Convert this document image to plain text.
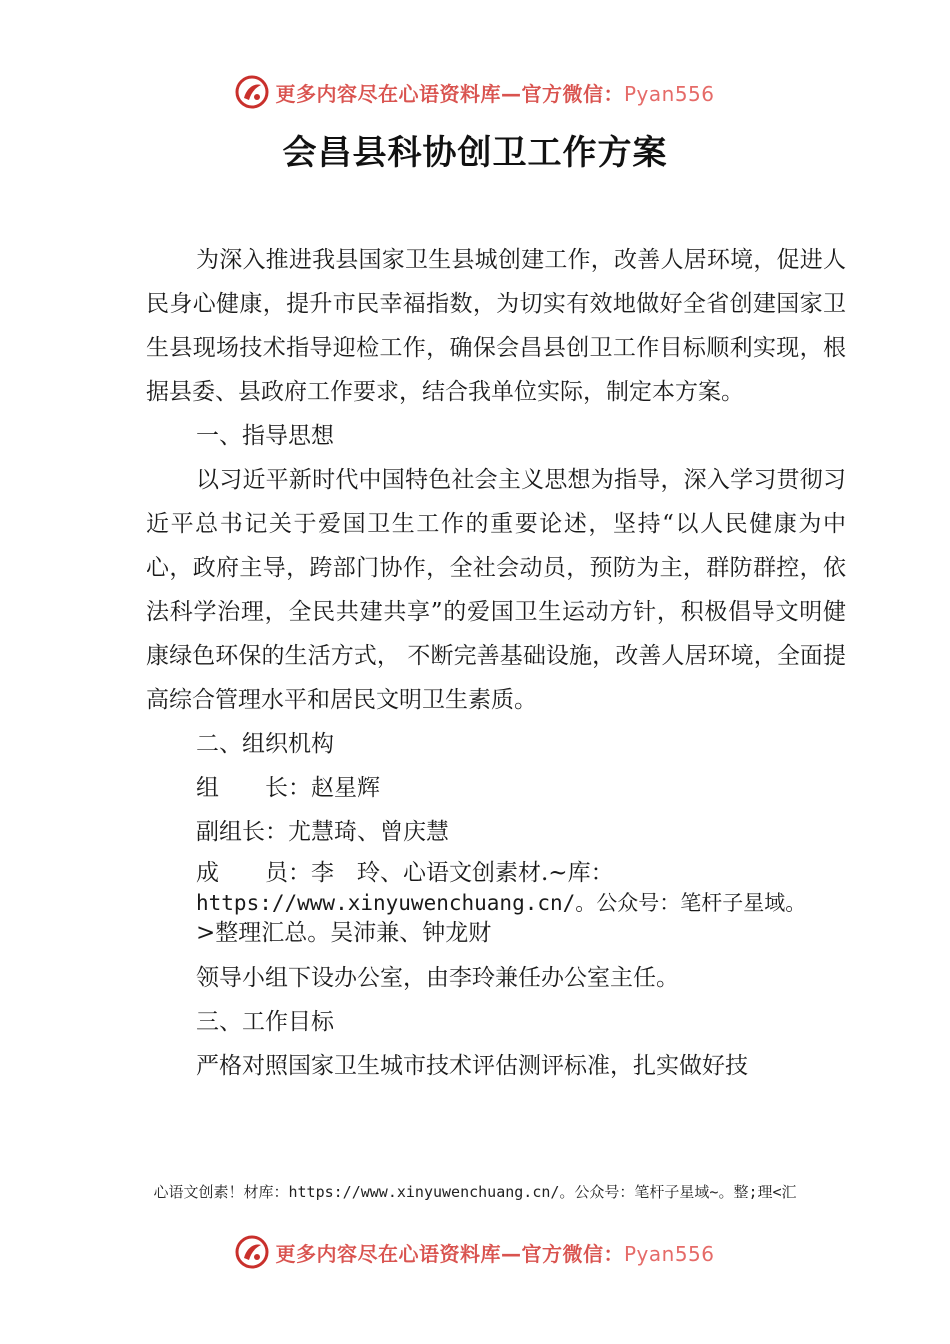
更多内容尽在心语资料库—官方微信：Pyan556
会昌县科协创卫工作方案

为深入推进我县国家卫生县城创建工作，改善人居环境，促进人民身心健康，提升市民幸福指数，为切实有效地做好全省创建国家卫生县现场技术指导迎检工作，确保会昌县创卫工作目标顺利实现，根据县委、县政府工作要求，结合我单位实际，制定本方案。

一、指导思想

以习近平新时代中国特色社会主义思想为指导，深入学习贯彻习近平总书记关于爱国卫生工作的重要论述，坚持“以人民健康为中心，政府主导，跨部门协作，全社会动员，预防为主，群防群控，依法科学治理，全民共建共享”的爱国卫生运动方针，积极倡导文明健康绿色环保的生活方式， 不断完善基础设施，改善人居环境，全面提高综合管理水平和居民文明卫生素质。

二、组织机构

组　　长：赵星辉

副组长：尤慧琦、曾庆慧

成　　员：李　玲、心语文创素材.~库：
https://www.xinyuwenchuang.cn/。公众号：笔杆子星域。
>整理汇总。吴沛兼、钟龙财

领导小组下设办公室，由李玲兼任办公室主任。

三、工作目标

严格对照国家卫生城市技术评估测评标准，扎实做好技

心语文创素！材库：https://www.xinyuwenchuang.cn/。公众号：笔杆子星域~。整;理<汇
更多内容尽在心语资料库—官方微信：Pyan556
